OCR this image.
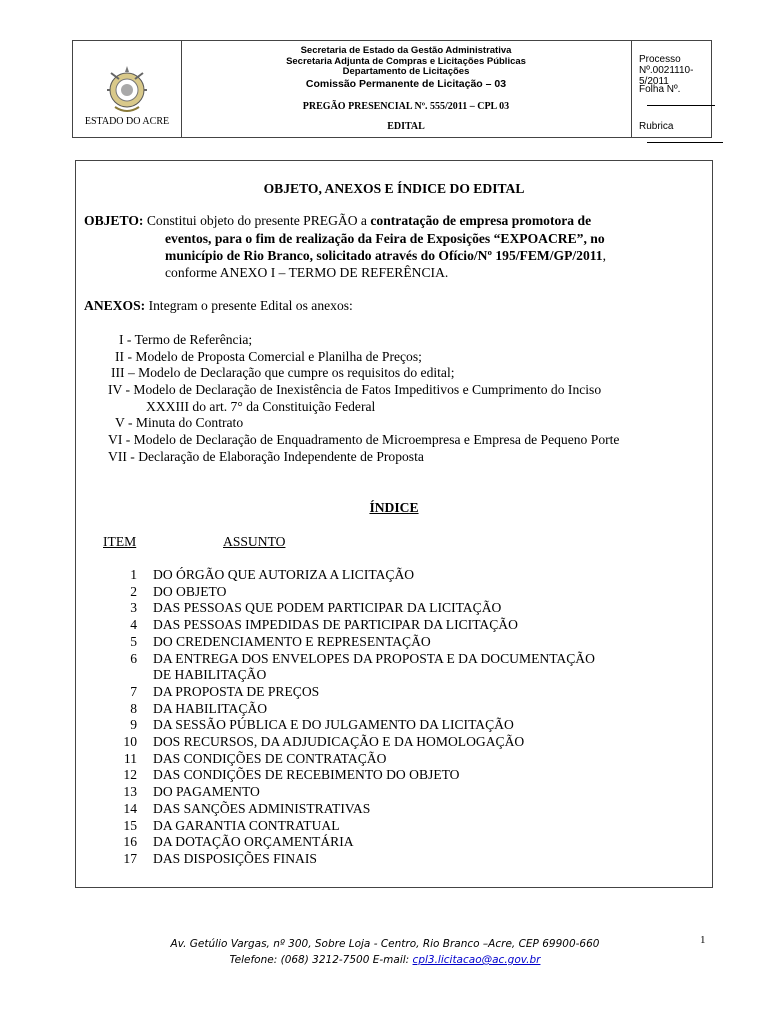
ESTADO DO ACRE
Secretaria de Estado da Gestão Administrativa
Secretaria Adjunta de Compras e Licitações Públicas
Departamento de Licitações
Comissão Permanente de Licitação – 03
PREGÃO PRESENCIAL Nº. 555/2011 – CPL 03
EDITAL
Processo Nº.0021110-5/2011
Folha Nº.
Rubrica
OBJETO, ANEXOS E ÍNDICE DO EDITAL
OBJETO: Constitui objeto do presente PREGÃO a contratação de empresa promotora de
eventos, para o fim de realização da Feira de Exposições “EXPOACRE”, no
município de Rio Branco, solicitado através do Ofício/Nº 195/FEM/GP/2011,
conforme ANEXO I – TERMO DE REFERÊNCIA.
ANEXOS: Integram o presente Edital os anexos:
I - Termo de Referência;
II - Modelo de Proposta Comercial e Planilha de Preços;
III – Modelo de Declaração que cumpre os requisitos do edital;
IV - Modelo de Declaração de Inexistência de Fatos Impeditivos e Cumprimento do Inciso
XXXIII do art. 7° da Constituição Federal
V - Minuta do Contrato
VI - Modelo de Declaração de Enquadramento de Microempresa e Empresa de Pequeno Porte
VII - Declaração de Elaboração Independente de Proposta
ÍNDICE
ITEM	ASSUNTO
1 DO ÓRGÃO QUE AUTORIZA A LICITAÇÃO
2 DO OBJETO
3 DAS PESSOAS QUE PODEM PARTICIPAR DA LICITAÇÃO
4 DAS PESSOAS IMPEDIDAS DE PARTICIPAR DA LICITAÇÃO
5 DO CREDENCIAMENTO E REPRESENTAÇÃO
6 DA ENTREGA DOS ENVELOPES DA PROPOSTA E DA DOCUMENTAÇÃO
DE HABILITAÇÃO
7 DA PROPOSTA DE PREÇOS
8 DA HABILITAÇÃO
9 DA SESSÃO PÚBLICA E DO JULGAMENTO DA LICITAÇÃO
10 DOS RECURSOS, DA ADJUDICAÇÃO E DA HOMOLOGAÇÃO
11 DAS CONDIÇÕES DE CONTRATAÇÃO
12 DAS CONDIÇÕES DE RECEBIMENTO DO OBJETO
13 DO PAGAMENTO
14 DAS SANÇÕES ADMINISTRATIVAS
15 DA GARANTIA CONTRATUAL
16 DA DOTAÇÃO ORÇAMENTÁRIA
17 DAS DISPOSIÇÕES FINAIS
Av. Getúlio Vargas, nº 300, Sobre Loja - Centro, Rio Branco –Acre, CEP 69900-660
Telefone: (068) 3212-7500 E-mail: cpl3.licitacao@ac.gov.br
1
